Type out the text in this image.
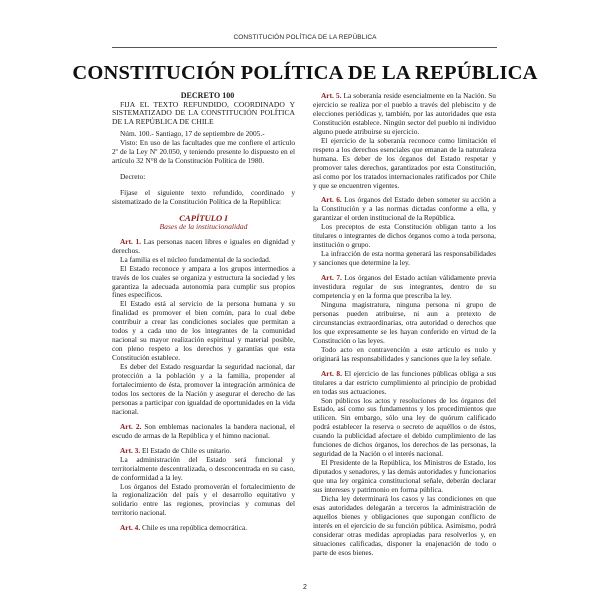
CONSTITUCIÓN POLÍTICA DE LA REPÚBLICA
CONSTITUCIÓN POLÍTICA DE LA REPÚBLICA

DECRETO 100

FIJA EL TEXTO REFUNDIDO, COORDINADO Y SISTEMATIZADO DE LA CONSTITUCIÓN POLÍTICA DE LA REPÚBLICA DE CHILE

Núm. 100.- Santiago, 17 de septiembre de 2005.-

Visto: En uso de las facultades que me confiere el artículo 2º de la Ley Nº 20.050, y teniendo presente lo dispuesto en el artículo 32 N°8 de la Constitución Política de 1980.

Decreto:

Fíjase el siguiente texto refundido, coordinado y sistematizado de la Constitución Política de la República:

CAPÍTULO I
Bases de la institucionalidad

Art. 1. Las personas nacen libres e iguales en dignidad y derechos.

La familia es el núcleo fundamental de la sociedad.

El Estado reconoce y ampara a los grupos intermedios a través de los cuales se organiza y estructura la sociedad y les garantiza la adecuada autonomía para cumplir sus propios fines específicos.

El Estado está al servicio de la persona humana y su finalidad es promover el bien común, para lo cual debe contribuir a crear las condiciones sociales que permitan a todos y a cada uno de los integrantes de la comunidad nacional su mayor realización espiritual y material posible, con pleno respeto a los derechos y garantías que esta Constitución establece.

Es deber del Estado resguardar la seguridad nacional, dar protección a la población y a la familia, propender al fortalecimiento de ésta, promover la integración armónica de todos los sectores de la Nación y asegurar el derecho de las personas a participar con igualdad de oportunidades en la vida nacional.

Art. 2. Son emblemas nacionales la bandera nacional, el escudo de armas de la República y el himno nacional.

Art. 3. El Estado de Chile es unitario.

La administración del Estado será funcional y territorialmente descentralizada, o desconcentrada en su caso, de conformidad a la ley.

Los órganos del Estado promoverán el fortalecimiento de la regionalización del país y el desarrollo equitativo y solidario entre las regiones, provincias y comunas del territorio nacional.

Art. 4. Chile es una república democrática.

Art. 5. La soberanía reside esencialmente en la Nación. Su ejercicio se realiza por el pueblo a través del plebiscito y de elecciones periódicas y, también, por las autoridades que esta Constitución establece. Ningún sector del pueblo ni individuo alguno puede atribuirse su ejercicio.

El ejercicio de la soberanía reconoce como limitación el respeto a los derechos esenciales que emanan de la naturaleza humana. Es deber de los órganos del Estado respetar y promover tales derechos, garantizados por esta Constitución, así como por los tratados internacionales ratificados por Chile y que se encuentren vigentes.

Art. 6. Los órganos del Estado deben someter su acción a la Constitución y a las normas dictadas conforme a ella, y garantizar el orden institucional de la República.

Los preceptos de esta Constitución obligan tanto a los titulares o integrantes de dichos órganos como a toda persona, institución o grupo.

La infracción de esta norma generará las responsabilidades y sanciones que determine la ley.

Art. 7. Los órganos del Estado actúan válidamente previa investidura regular de sus integrantes, dentro de su competencia y en la forma que prescriba la ley.

Ninguna magistratura, ninguna persona ni grupo de personas pueden atribuirse, ni aun a pretexto de circunstancias extraordinarias, otra autoridad o derechos que los que expresamente se les hayan conferido en virtud de la Constitución o las leyes.

Todo acto en contravención a este artículo es nulo y originará las responsabilidades y sanciones que la ley señale.

Art. 8. El ejercicio de las funciones públicas obliga a sus titulares a dar estricto cumplimiento al principio de probidad en todas sus actuaciones.

Son públicos los actos y resoluciones de los órganos del Estado, así como sus fundamentos y los procedimientos que utilicen. Sin embargo, sólo una ley de quórum calificado podrá establecer la reserva o secreto de aquéllos o de éstos, cuando la publicidad afectare el debido cumplimiento de las funciones de dichos órganos, los derechos de las personas, la seguridad de la Nación o el interés nacional.

El Presidente de la República, los Ministros de Estado, los diputados y senadores, y las demás autoridades y funcionarios que una ley orgánica constitucional señale, deberán declarar sus intereses y patrimonio en forma pública.

Dicha ley determinará los casos y las condiciones en que esas autoridades delegarán a terceros la administración de aquellos bienes y obligaciones que supongan conflicto de interés en el ejercicio de su función pública. Asimismo, podrá considerar otras medidas apropiadas para resolverlos y, en situaciones calificadas, disponer la enajenación de todo o parte de esos bienes.

2
